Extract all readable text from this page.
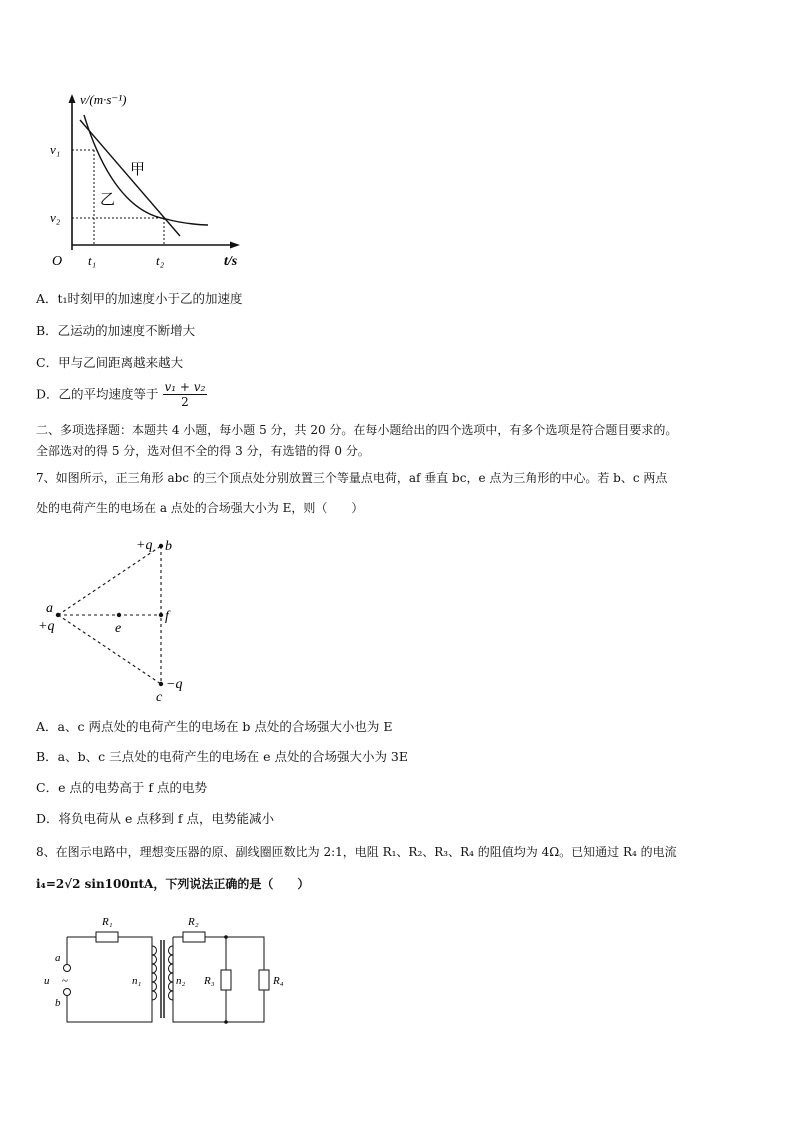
v/(m·s⁻¹)
O
v₁
v₂
t₁	t₂	t/s
甲
乙
A．t₁时刻甲的加速度小于乙的加速度
B．乙运动的加速度不断增大
C．甲与乙间距离越来越大
D．乙的平均速度等于 $\frac{\text{v₁ + v₂}}{2}$
二、多项选择题：本题共 4 小题，每小题 5 分，共 20 分。在每小题给出的四个选项中，有多个选项是符合题目要求的。
全部选对的得 5 分，选对但不全的得 3 分，有选错的得 0 分。
7、如图所示，正三角形 abc 的三个顶点处分别放置三个等量点电荷，af 垂直 bc，e 点为三角形的中心。若 b、c 两点
处的电荷产生的电场在 a 点处的合场强大小为 E，则（　　）
a
+q
+q b
e
f
−q
c
A．a、c 两点处的电荷产生的电场在 b 点处的合场强大小也为 E
B．a、b、c 三点处的电荷产生的电场在 e 点处的合场强大小为 3E
C．e 点的电势高于 f 点的电势
D．将负电荷从 e 点移到 f 点，电势能减小
8、在图示电路中，理想变压器的原、副线圈匝数比为 2:1，电阻 R₁、R₂、R₃、R₄ 的阻值均为 4Ω。已知通过 R₄ 的电流
i₄=2√2 sin100πtA，下列说法正确的是（　　）
R₁	R₂
R₃	R₄
n₁	n₂
a
b
u ~
